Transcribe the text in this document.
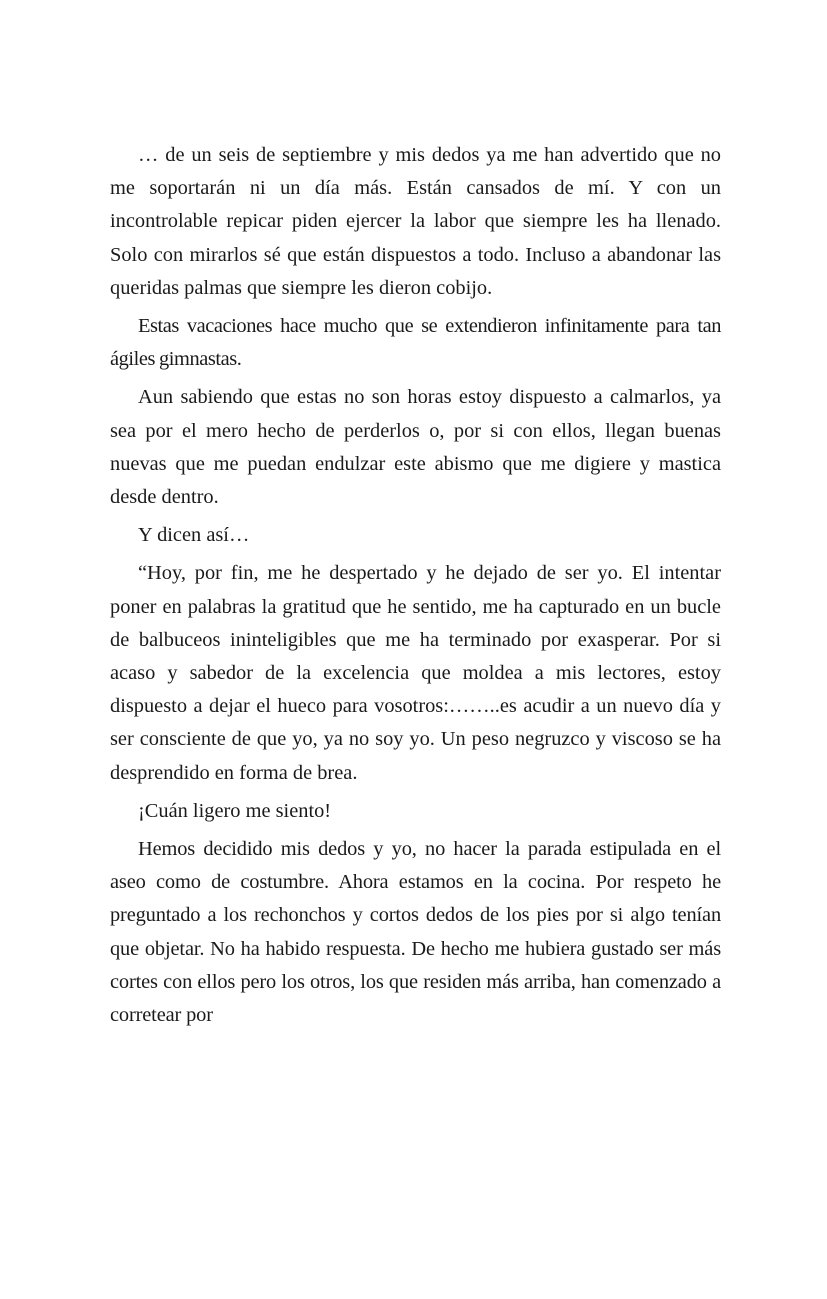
… de un seis de septiembre y mis dedos ya me han advertido que no me soportarán ni un día más. Están cansados de mí. Y con un incontrolable repicar piden ejercer la labor que siempre les ha llenado. Solo con mirarlos sé que están dispuestos a todo. Incluso a abandonar las queridas palmas que siempre les dieron cobijo.

Estas vacaciones hace mucho que se extendieron infinitamente para tan ágiles gimnastas.

Aun sabiendo que estas no son horas estoy dispuesto a calmarlos, ya sea por el mero hecho de perderlos o, por si con ellos, llegan buenas nuevas que me puedan endulzar este abismo que me digiere y mastica desde dentro.

Y dicen así…

“Hoy, por fin, me he despertado y he dejado de ser yo. El intentar poner en palabras la gratitud que he sentido, me ha capturado en un bucle de balbuceos ininteligibles que me ha terminado por exasperar. Por si acaso y sabedor de la excelencia que moldea a mis lectores, estoy dispuesto a dejar el hueco para vosotros:……..es acudir a un nuevo día y ser consciente de que yo, ya no soy yo. Un peso negruzco y viscoso se ha desprendido en forma de brea.

¡Cuán ligero me siento!

Hemos decidido mis dedos y yo, no hacer la parada estipulada en el aseo como de costumbre. Ahora estamos en la cocina. Por respeto he preguntado a los rechonchos y cortos dedos de los pies por si algo tenían que objetar. No ha habido respuesta. De hecho me hubiera gustado ser más cortes con ellos pero los otros, los que residen más arriba, han comenzado a corretear por
